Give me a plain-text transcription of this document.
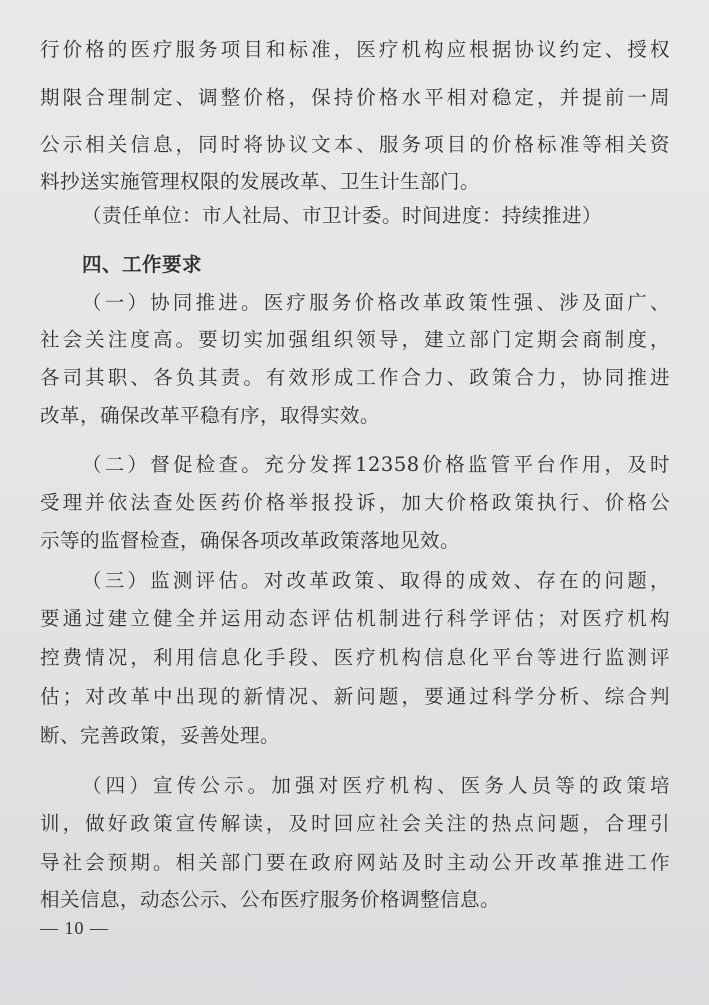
行价格的医疗服务项目和标准，医疗机构应根据协议约定、授权
期限合理制定、调整价格，保持价格水平相对稳定，并提前一周
公示相关信息，同时将协议文本、服务项目的价格标准等相关资
料抄送实施管理权限的发展改革、卫生计生部门。
（责任单位：市人社局、市卫计委。时间进度：持续推进）
四、工作要求
（一）协同推进。医疗服务价格改革政策性强、涉及面广、
社会关注度高。要切实加强组织领导，建立部门定期会商制度，
各司其职、各负其责。有效形成工作合力、政策合力，协同推进
改革，确保改革平稳有序，取得实效。
（二）督促检查。充分发挥12358价格监管平台作用，及时
受理并依法查处医药价格举报投诉，加大价格政策执行、价格公
示等的监督检查，确保各项改革政策落地见效。
（三）监测评估。对改革政策、取得的成效、存在的问题，
要通过建立健全并运用动态评估机制进行科学评估；对医疗机构
控费情况，利用信息化手段、医疗机构信息化平台等进行监测评
估；对改革中出现的新情况、新问题，要通过科学分析、综合判
断、完善政策，妥善处理。
（四）宣传公示。加强对医疗机构、医务人员等的政策培
训，做好政策宣传解读，及时回应社会关注的热点问题，合理引
导社会预期。相关部门要在政府网站及时主动公开改革推进工作
相关信息，动态公示、公布医疗服务价格调整信息。
— 10 —
